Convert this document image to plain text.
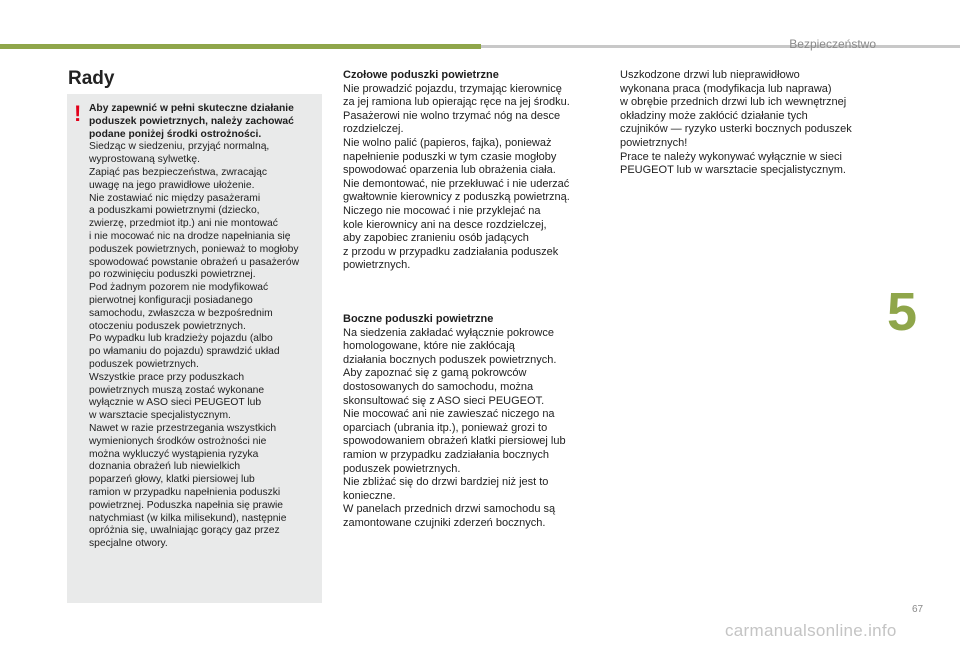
Bezpieczeństwo
Rady
! Aby zapewnić w pełni skuteczne działanie poduszek powietrznych, należy zachować podane poniżej środki ostrożności.
Siedząc w siedzeniu, przyjąć normalną,
wyprostowaną sylwetkę.
Zapiąć pas bezpieczeństwa, zwracając
uwagę na jego prawidłowe ułożenie.
Nie zostawiać nic między pasażerami
a poduszkami powietrznymi (dziecko,
zwierzę, przedmiot itp.) ani nie montować
i nie mocować nic na drodze napełniania się
poduszek powietrznych, ponieważ to mogłoby
spowodować powstanie obrażeń u pasażerów
po rozwinięciu poduszki powietrznej.
Pod żadnym pozorem nie modyfikować
pierwotnej konfiguracji posiadanego
samochodu, zwłaszcza w bezpośrednim
otoczeniu poduszek powietrznych.
Po wypadku lub kradzieży pojazdu (albo
po włamaniu do pojazdu) sprawdzić układ
poduszek powietrznych.
Wszystkie prace przy poduszkach
powietrznych muszą zostać wykonane
wyłącznie w ASO sieci PEUGEOT lub
w warsztacie specjalistycznym.
Nawet w razie przestrzegania wszystkich
wymienionych środków ostrożności nie
można wykluczyć wystąpienia ryzyka
doznania obrażeń lub niewielkich
poparzeń głowy, klatki piersiowej lub
ramion w przypadku napełnienia poduszki
powietrznej. Poduszka napełnia się prawie
natychmiast (w kilka milisekund), następnie
opróżnia się, uwalniając gorący gaz przez
specjalne otwory.
Czołowe poduszki powietrzne

Nie prowadzić pojazdu, trzymając kierownicę
za jej ramiona lub opierając ręce na jej środku.
Pasażerowi nie wolno trzymać nóg na desce
rozdzielczej.
Nie wolno palić (papieros, fajka), ponieważ
napełnienie poduszki w tym czasie mogłoby
spowodować oparzenia lub obrażenia ciała.
Nie demontować, nie przekłuwać i nie uderzać
gwałtownie kierownicy z poduszką powietrzną.
Niczego nie mocować i nie przyklejać na
kole kierownicy ani na desce rozdzielczej,
aby zapobiec zranieniu osób jadących
z przodu w przypadku zadziałania poduszek
powietrznych.

Boczne poduszki powietrzne

Na siedzenia zakładać wyłącznie pokrowce
homologowane, które nie zakłócają
działania bocznych poduszek powietrznych.
Aby zapoznać się z gamą pokrowców
dostosowanych do samochodu, można
skonsultować się z ASO sieci PEUGEOT.
Nie mocować ani nie zawieszać niczego na
oparciach (ubrania itp.), ponieważ grozi to
spowodowaniem obrażeń klatki piersiowej lub
ramion w przypadku zadziałania bocznych
poduszek powietrznych.
Nie zbliżać się do drzwi bardziej niż jest to
konieczne.
W panelach przednich drzwi samochodu są
zamontowane czujniki zderzeń bocznych.

Uszkodzone drzwi lub nieprawidłowo
wykonana praca (modyfikacja lub naprawa)
w obrębie przednich drzwi lub ich wewnętrznej
okładziny może zakłócić działanie tych
czujników — ryzyko usterki bocznych poduszek
powietrznych!
Prace te należy wykonywać wyłącznie w sieci
PEUGEOT lub w warsztacie specjalistycznym.

5
67
carmanualsonline.info
